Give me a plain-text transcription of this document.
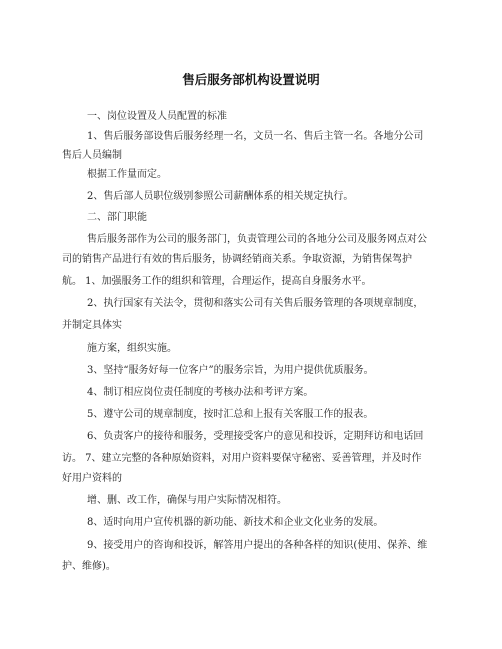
售后服务部机构设置说明
一、岗位设置及人员配置的标准
1、售后服务部设售后服务经理一名，文员一名、售后主管一名。各地分公司
售后人员编制
根据工作量而定。
2、售后部人员职位级别参照公司薪酬体系的相关规定执行。
二、部门职能
售后服务部作为公司的服务部门，负责管理公司的各地分公司及服务网点对公
司的销售产品进行有效的售后服务，协调经销商关系。争取资源，为销售保驾护
航。 1、加强服务工作的组织和管理，合理运作，提高自身服务水平。
2、执行国家有关法令，贯彻和落实公司有关售后服务管理的各项规章制度，
并制定具体实
施方案，组织实施。
3、坚持“服务好每一位客户”的服务宗旨，为用户提供优质服务。
4、制订相应岗位责任制度的考核办法和考评方案。
5、遵守公司的规章制度，按时汇总和上报有关客服工作的报表。
6、负责客户的接待和服务，受理接受客户的意见和投诉，定期拜访和电话回
访。 7、建立完整的各种原始资料，对用户资料要保守秘密、妥善管理，并及时作
好用户资料的
增、删、改工作，确保与用户实际情况相符。
8、适时向用户宣传机器的新功能、新技术和企业文化业务的发展。
9、接受用户的咨询和投诉，解答用户提出的各种各样的知识(使用、保养、维
护、维修)。
